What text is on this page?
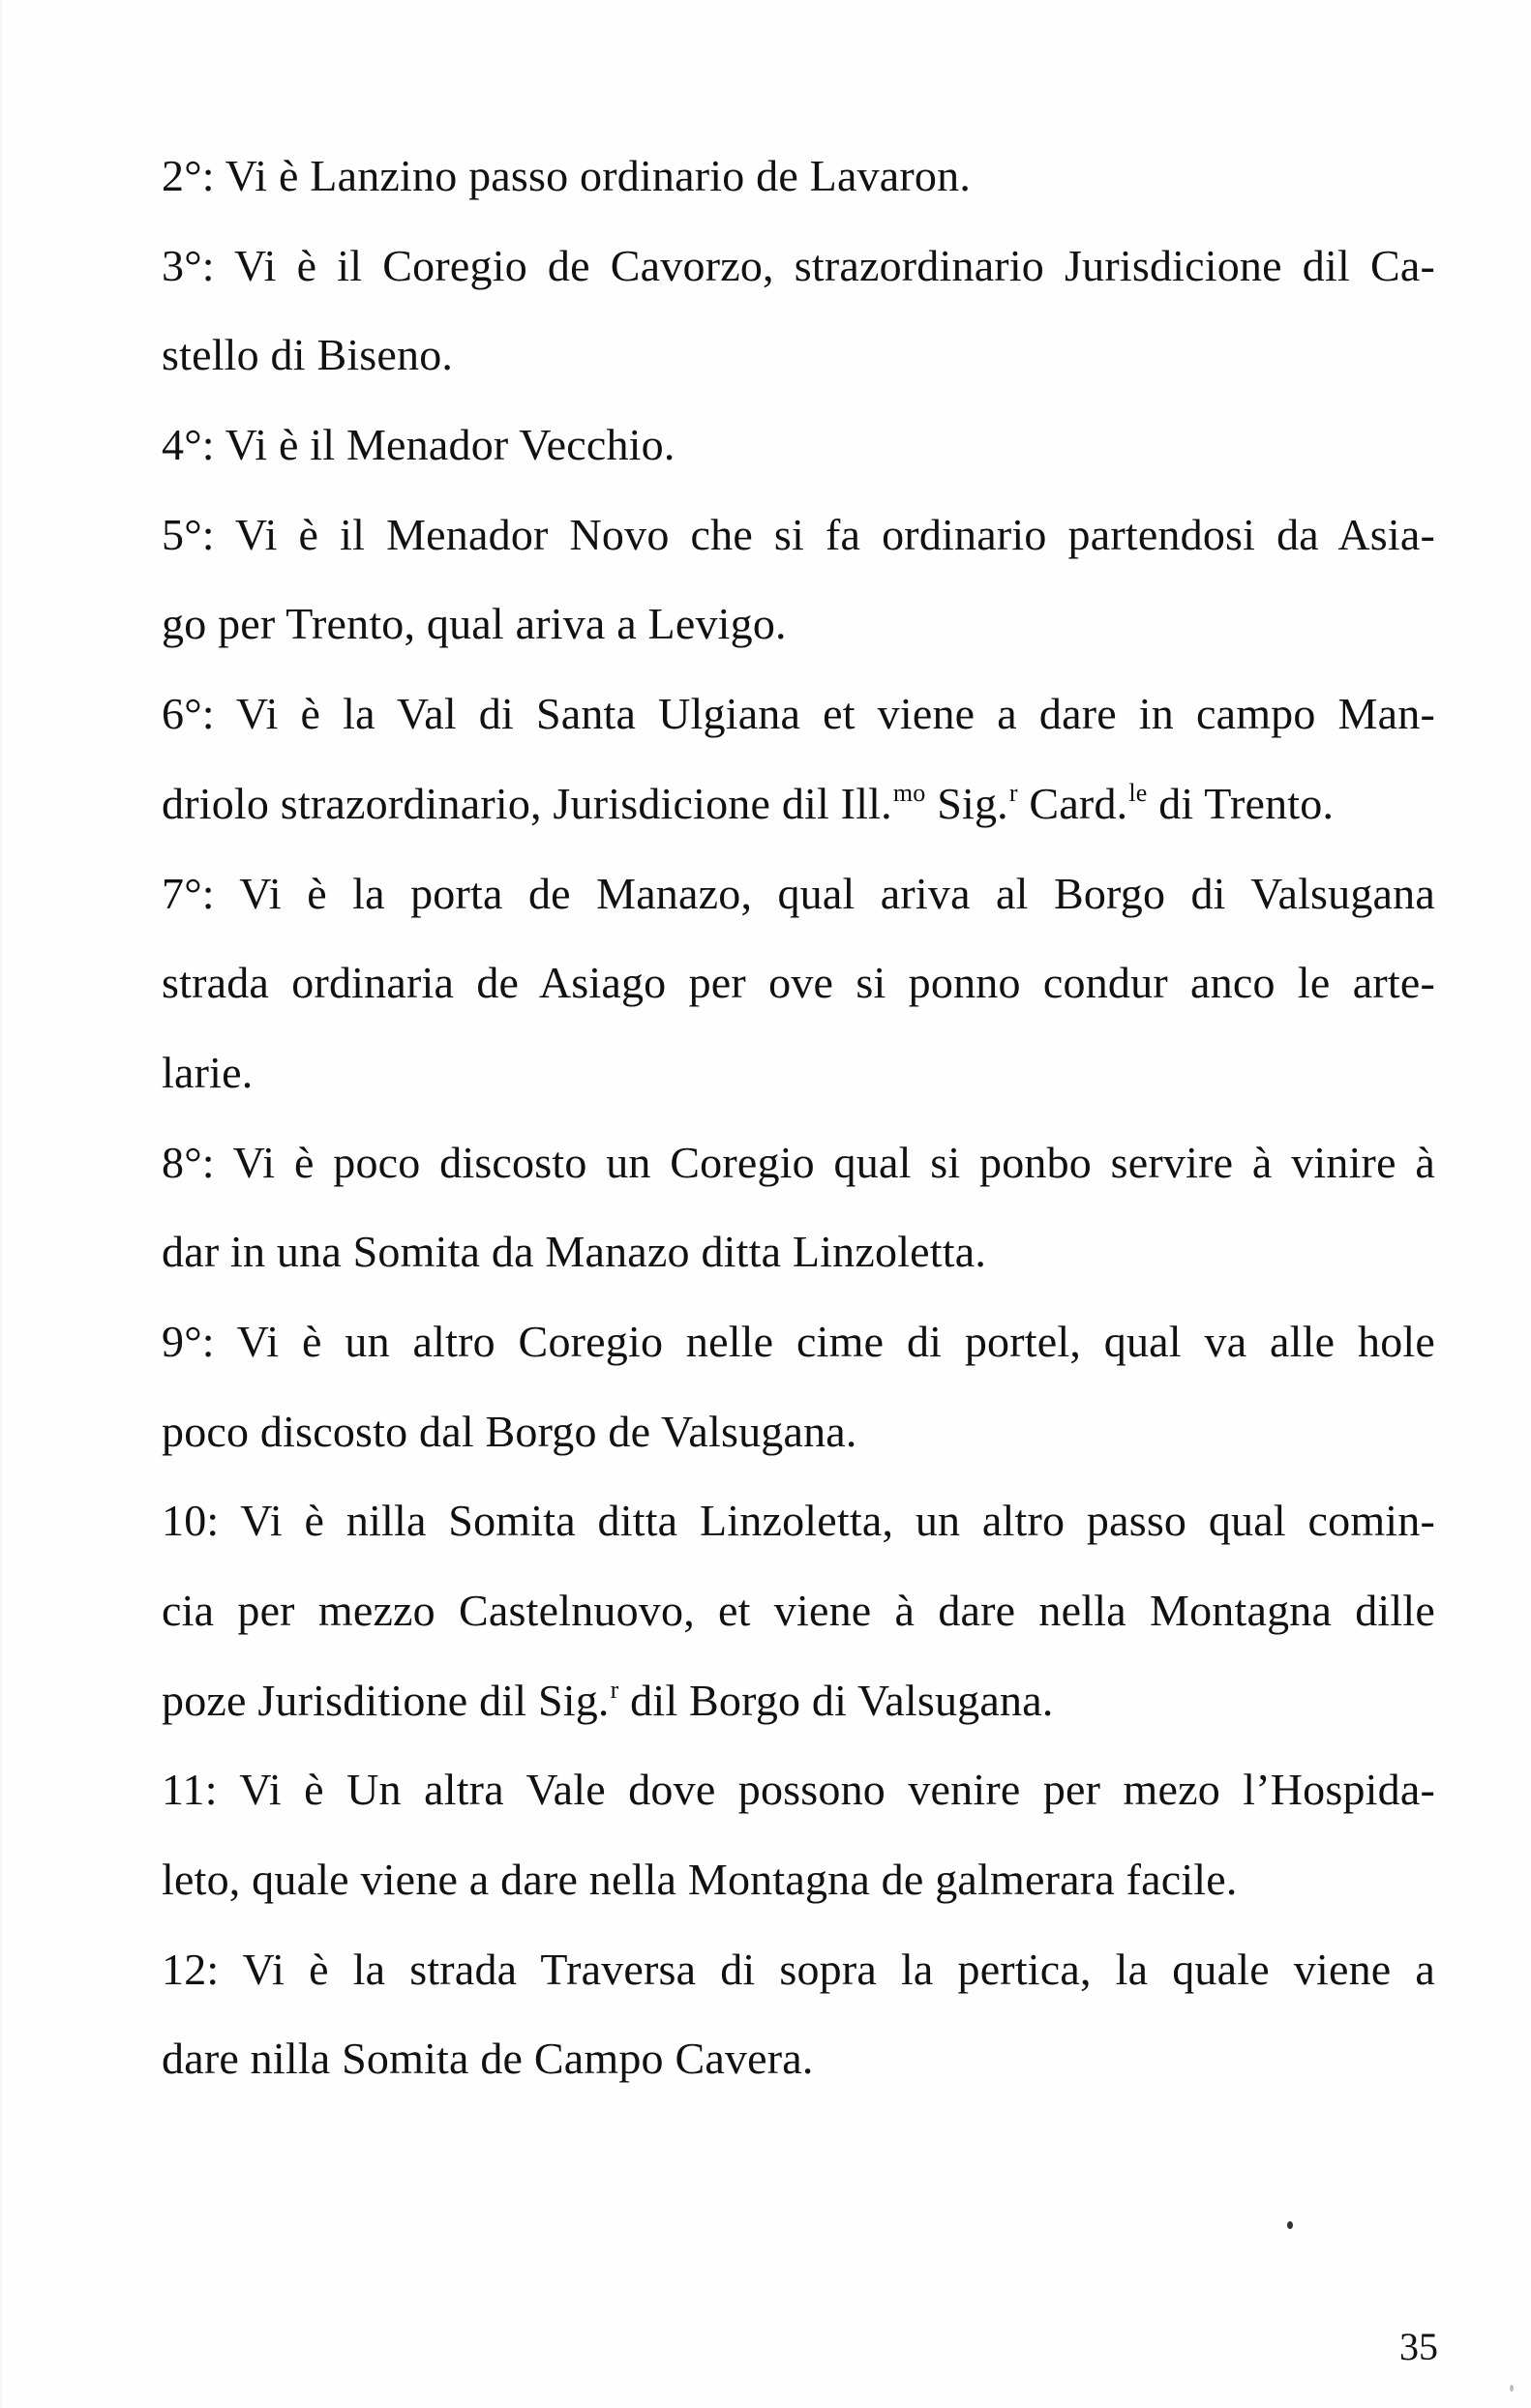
2°: Vi è Lanzino passo ordinario de Lavaron.
3°: Vi è il Coregio de Cavorzo, strazordinario Jurisdicione dil Ca-
stello di Biseno.
4°: Vi è il Menador Vecchio.
5°: Vi è il Menador Novo che si fa ordinario partendosi da Asia-
go per Trento, qual ariva a Levigo.
6°: Vi è la Val di Santa Ulgiana et viene a dare in campo Man-
driolo strazordinario, Jurisdicione dil Ill.$^{mo}$ Sig.$^r$ Card.$^{le}$ di Trento.
7°: Vi è la porta de Manazo, qual ariva al Borgo di Valsugana
strada ordinaria de Asiago per ove si ponno condur anco le arte-
larie.
8°: Vi è poco discosto un Coregio qual si ponbo servire à vinire à
dar in una Somita da Manazo ditta Linzoletta.
9°: Vi è un altro Coregio nelle cime di portel, qual va alle hole
poco discosto dal Borgo de Valsugana.
10: Vi è nilla Somita ditta Linzoletta, un altro passo qual comin-
cia per mezzo Castelnuovo, et viene à dare nella Montagna dille
poze Jurisditione dil Sig.$^r$ dil Borgo di Valsugana.
11: Vi è Un altra Vale dove possono venire per mezo l’Hospida-
leto, quale viene a dare nella Montagna de galmerara facile.
12: Vi è la strada Traversa di sopra la pertica, la quale viene a
dare nilla Somita de Campo Cavera.
35
